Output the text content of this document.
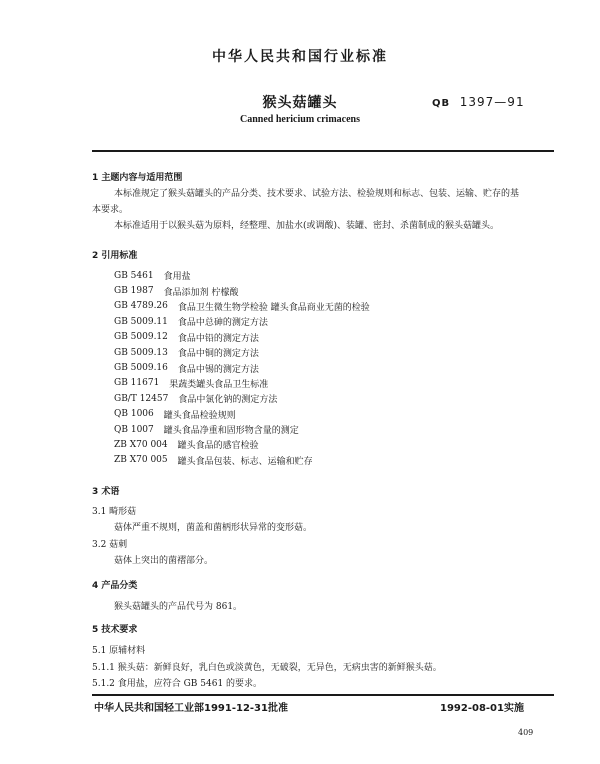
中华人民共和国行业标准
猴头菇罐头	QB 1397—91
Canned hericium crimacens
1 主题内容与适用范围
本标准规定了猴头菇罐头的产品分类、技术要求、试验方法、检验规则和标志、包装、运输、贮存的基
本要求。
本标准适用于以猴头菇为原料，经整理、加盐水(或调酸)、装罐、密封、杀菌制成的猴头菇罐头。
2 引用标准
GB 5461 食用盐
GB 1987 食品添加剂 柠檬酸
GB 4789.26 食品卫生微生物学检验 罐头食品商业无菌的检验
GB 5009.11 食品中总砷的测定方法
GB 5009.12 食品中铅的测定方法
GB 5009.13 食品中铜的测定方法
GB 5009.16 食品中锡的测定方法
GB 11671 果蔬类罐头食品卫生标准
GB/T 12457 食品中氯化钠的测定方法
QB 1006 罐头食品检验规则
QB 1007 罐头食品净重和固形物含量的测定
ZB X70 004 罐头食品的感官检验
ZB X70 005 罐头食品包装、标志、运输和贮存
3 术语
3.1 畸形菇
菇体严重不规则，菌盖和菌柄形状异常的变形菇。
3.2 菇刺
菇体上突出的菌褶部分。
4 产品分类
猴头菇罐头的产品代号为 861。
5 技术要求
5.1 原辅材料
5.1.1 猴头菇：新鲜良好，乳白色或淡黄色，无破裂，无异色，无病虫害的新鲜猴头菇。
5.1.2 食用盐，应符合 GB 5461 的要求。
中华人民共和国轻工业部1991-12-31批准	1992-08-01实施
409
